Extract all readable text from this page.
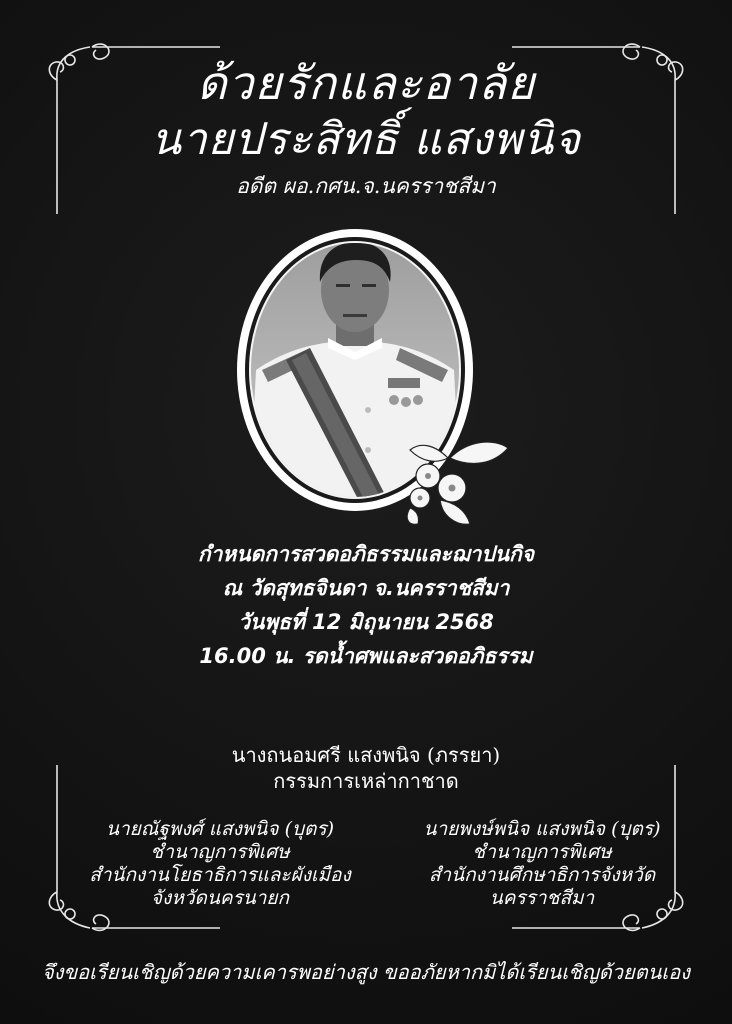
ด้วยรักและอาลัย
นายประสิทธิ์ แสงพนิจ
อดีต ผอ.กศน.จ.นครราชสีมา
กำหนดการสวดอภิธรรมและฌาปนกิจ
ณ วัดสุทธจินดา จ.นครราชสีมา
วันพุธที่ 12 มิถุนายน 2568
16.00 น. รดน้ำศพและสวดอภิธรรม
นางถนอมศรี แสงพนิจ (ภรรยา)
กรรมการเหล่ากาชาด
นายณัฐพงศ์ แสงพนิจ (บุตร)
ชำนาญการพิเศษ
สำนักงานโยธาธิการและผังเมือง
จังหวัดนครนายก
นายพงษ์พนิจ แสงพนิจ (บุตร)
ชำนาญการพิเศษ
สำนักงานศึกษาธิการจังหวัด
นครราชสีมา
จึงขอเรียนเชิญด้วยความเคารพอย่างสูง ขออภัยหากมิได้เรียนเชิญด้วยตนเอง
